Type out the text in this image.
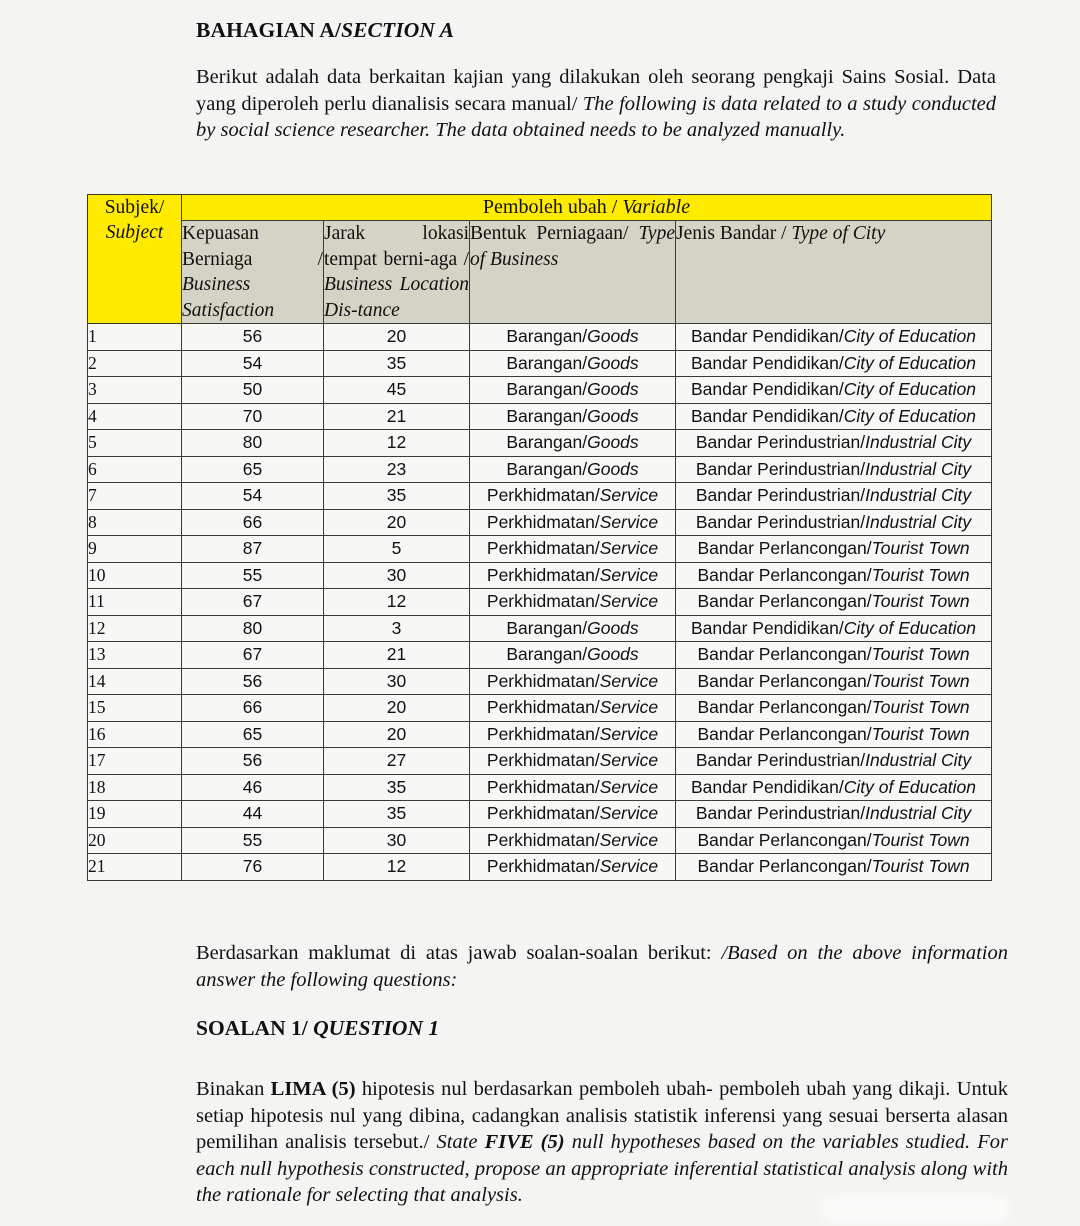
BAHAGIAN A/SECTION A
Berikut adalah data berkaitan kajian yang dilakukan oleh seorang pengkaji Sains Sosial. Data yang diperoleh perlu dianalisis secara manual/ The following is data related to a study conducted by social science researcher. The data obtained needs to be analyzed manually.
Subjek/
Subject	Pemboleh ubah / Variable			
	Kepuasan Berniaga / Business Satisfaction	Jarak lokasi tempat berni-aga / Business Location Dis-tance	Bentuk Perniagaan/ Type of Business	Jenis Bandar / Type of City
1	56	20	Barangan/Goods	Bandar Pendidikan/City of Education
2	54	35	Barangan/Goods	Bandar Pendidikan/City of Education
3	50	45	Barangan/Goods	Bandar Pendidikan/City of Education
4	70	21	Barangan/Goods	Bandar Pendidikan/City of Education
5	80	12	Barangan/Goods	Bandar Perindustrian/Industrial City
6	65	23	Barangan/Goods	Bandar Perindustrian/Industrial City
7	54	35	Perkhidmatan/Service	Bandar Perindustrian/Industrial City
8	66	20	Perkhidmatan/Service	Bandar Perindustrian/Industrial City
9	87	5	Perkhidmatan/Service	Bandar Perlancongan/Tourist Town
10	55	30	Perkhidmatan/Service	Bandar Perlancongan/Tourist Town
11	67	12	Perkhidmatan/Service	Bandar Perlancongan/Tourist Town
12	80	3	Barangan/Goods	Bandar Pendidikan/City of Education
13	67	21	Barangan/Goods	Bandar Perlancongan/Tourist Town
14	56	30	Perkhidmatan/Service	Bandar Perlancongan/Tourist Town
15	66	20	Perkhidmatan/Service	Bandar Perlancongan/Tourist Town
16	65	20	Perkhidmatan/Service	Bandar Perlancongan/Tourist Town
17	56	27	Perkhidmatan/Service	Bandar Perindustrian/Industrial City
18	46	35	Perkhidmatan/Service	Bandar Pendidikan/City of Education
19	44	35	Perkhidmatan/Service	Bandar Perindustrian/Industrial City
20	55	30	Perkhidmatan/Service	Bandar Perlancongan/Tourist Town
21	76	12	Perkhidmatan/Service	Bandar Perlancongan/Tourist Town
Berdasarkan maklumat di atas jawab soalan-soalan berikut: /Based on the above information answer the following questions:
SOALAN 1/ QUESTION 1
Binakan LIMA (5) hipotesis nul berdasarkan pemboleh ubah- pemboleh ubah yang dikaji. Untuk setiap hipotesis nul yang dibina, cadangkan analisis statistik inferensi yang sesuai berserta alasan pemilihan analisis tersebut./ State FIVE (5) null hypotheses based on the variables studied. For each null hypothesis constructed, propose an appropriate inferential statistical analysis along with the rationale for selecting that analysis.
